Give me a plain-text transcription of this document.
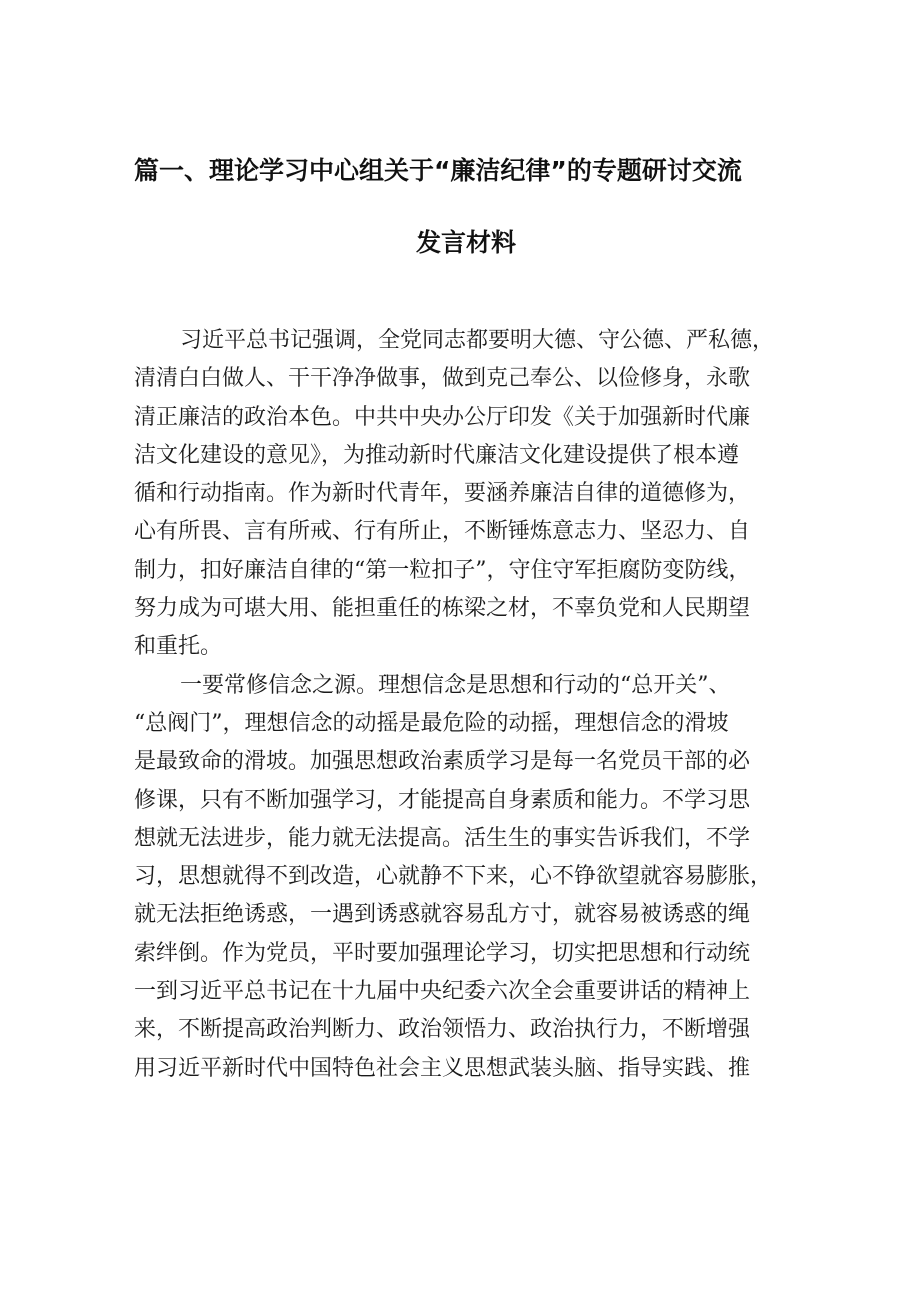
篇一、理论学习中心组关于“廉洁纪律”的专题研讨交流
发言材料
习近平总书记强调，全党同志都要明大德、守公德、严私德，
清清白白做人、干干净净做事，做到克己奉公、以俭修身，永歌
清正廉洁的政治本色。中共中央办公厅印发《关于加强新时代廉
洁文化建设的意见》，为推动新时代廉洁文化建设提供了根本遵
循和行动指南。作为新时代青年，要涵养廉洁自律的道德修为，
心有所畏、言有所戒、行有所止，不断锤炼意志力、坚忍力、自
制力，扣好廉洁自律的“第一粒扣子”，守住守军拒腐防变防线，
努力成为可堪大用、能担重任的栋梁之材，不辜负党和人民期望
和重托。
一要常修信念之源。理想信念是思想和行动的“总开关”、
“总阀门”，理想信念的动摇是最危险的动摇，理想信念的滑坡
是最致命的滑坡。加强思想政治素质学习是每一名党员干部的必
修课，只有不断加强学习，才能提高自身素质和能力。不学习思
想就无法进步，能力就无法提高。活生生的事实告诉我们，不学
习，思想就得不到改造，心就静不下来，心不铮欲望就容易膨胀，
就无法拒绝诱惑，一遇到诱惑就容易乱方寸，就容易被诱惑的绳
索绊倒。作为党员，平时要加强理论学习，切实把思想和行动统
一到习近平总书记在十九届中央纪委六次全会重要讲话的精神上
来，不断提高政治判断力、政治领悟力、政治执行力，不断增强
用习近平新时代中国特色社会主义思想武装头脑、指导实践、推
